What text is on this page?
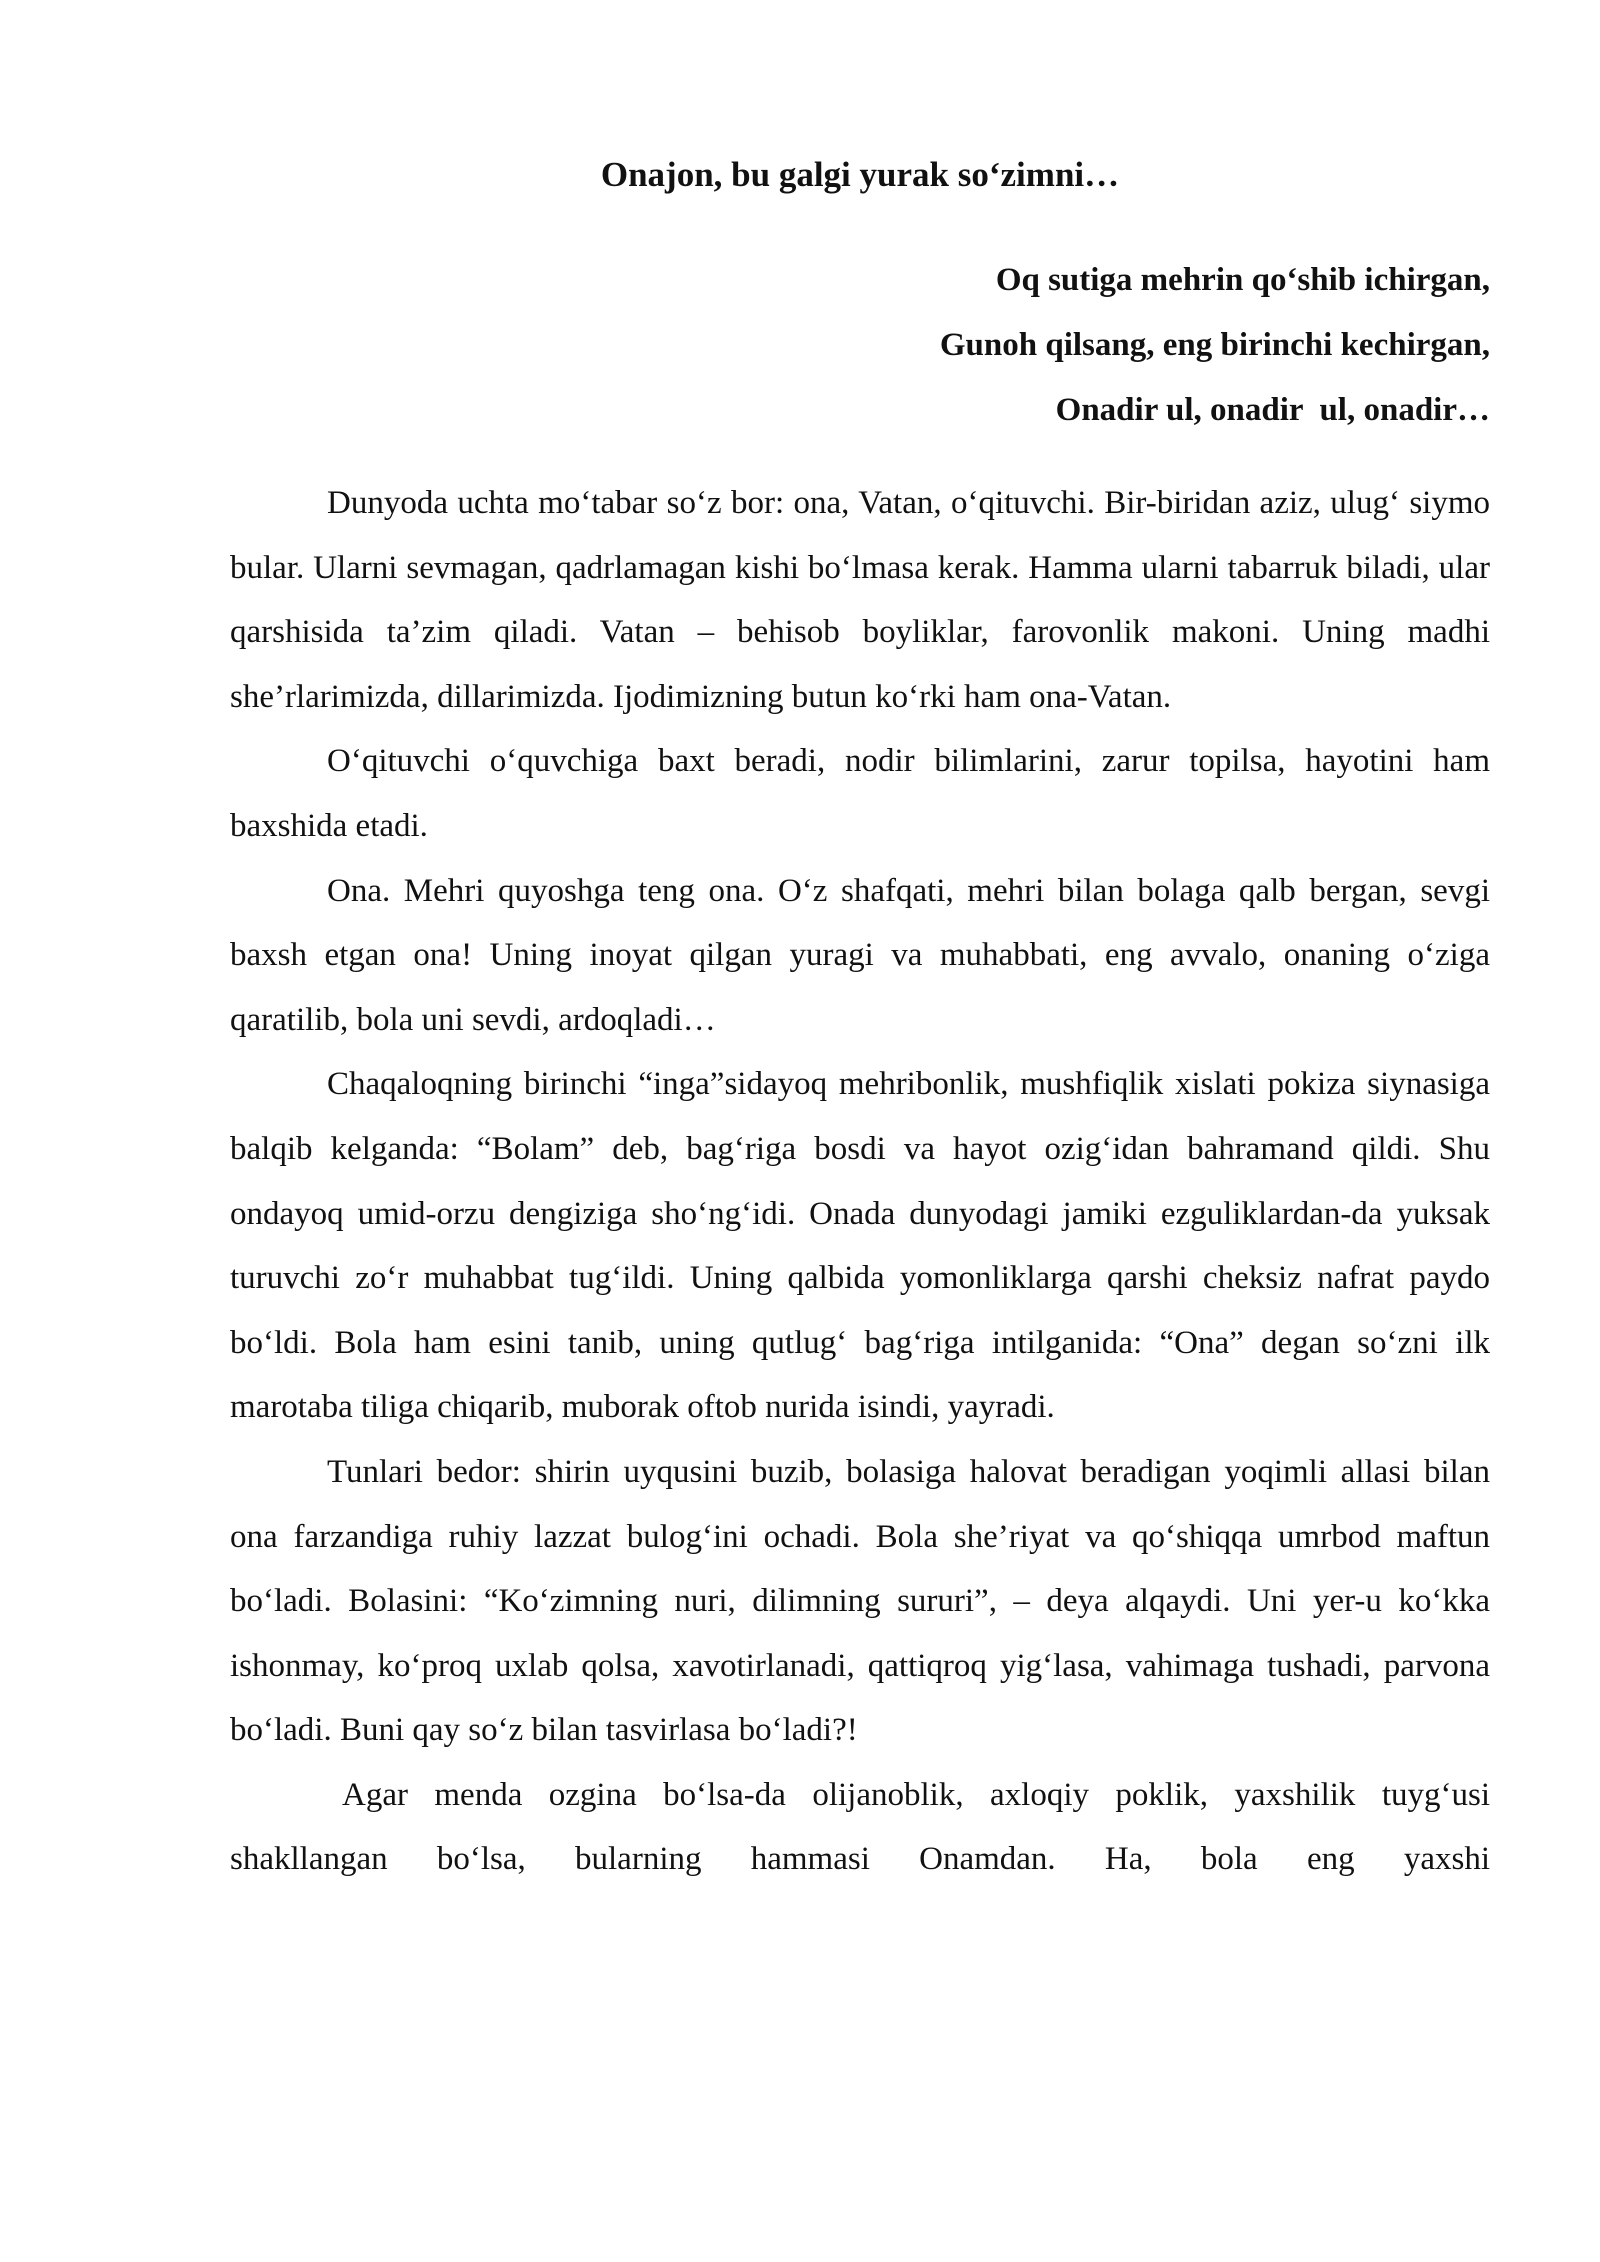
Onajon, bu galgi yurak so‘zimni…
Oq sutiga mehrin qo‘shib ichirgan,
Gunoh qilsang, eng birinchi kechirgan,
Onadir ul, onadir  ul, onadir…

Dunyoda uchta mo‘tabar so‘z bor: ona, Vatan, o‘qituvchi. Bir-biridan aziz, ulug‘ siymo bular. Ularni sevmagan, qadrlamagan kishi bo‘lmasa kerak. Hamma ularni tabarruk biladi, ular qarshisida ta’zim qiladi. Vatan – behisob boyliklar, farovonlik makoni. Uning madhi she’rlarimizda, dillarimizda. Ijodimizning butun ko‘rki ham ona-Vatan.

O‘qituvchi o‘quvchiga baxt beradi, nodir bilimlarini, zarur topilsa, hayotini ham baxshida etadi.

Ona. Mehri quyoshga teng ona. O‘z shafqati, mehri bilan bolaga qalb bergan, sevgi baxsh etgan ona! Uning inoyat qilgan yuragi va muhabbati, eng avvalo, onaning o‘ziga qaratilib, bola uni sevdi, ardoqladi…

Chaqaloqning birinchi “inga”sidayoq mehribonlik, mushfiqlik xislati pokiza siynasiga balqib kelganda: “Bolam” deb, bag‘riga bosdi va hayot ozig‘idan bahramand qildi. Shu ondayoq umid-orzu dengiziga sho‘ng‘idi. Onada dunyodagi jamiki ezguliklardan-da yuksak turuvchi zo‘r muhabbat tug‘ildi. Uning qalbida yomonliklarga qarshi cheksiz nafrat paydo bo‘ldi. Bola ham esini tanib, uning qutlug‘ bag‘riga intilganida: “Ona” degan so‘zni ilk marotaba tiliga chiqarib, muborak oftob nurida isindi, yayradi.

Tunlari bedor: shirin uyqusini buzib, bolasiga halovat beradigan yoqimli allasi bilan ona farzandiga ruhiy lazzat bulog‘ini ochadi. Bola she’riyat va qo‘shiqqa umrbod maftun bo‘ladi. Bolasini: “Ko‘zimning nuri, dilimning sururi”, – deya alqaydi. Uni yer-u ko‘kka ishonmay, ko‘proq uxlab qolsa, xavotirlanadi, qattiqroq yig‘lasa, vahimaga tushadi, parvona bo‘ladi. Buni qay so‘z bilan tasvirlasa bo‘ladi?!

Agar menda ozgina bo‘lsa-da olijanoblik, axloqiy poklik, yaxshilik tuyg‘usi shakllangan bo‘lsa, bularning hammasi Onamdan. Ha, bola eng yaxshi
